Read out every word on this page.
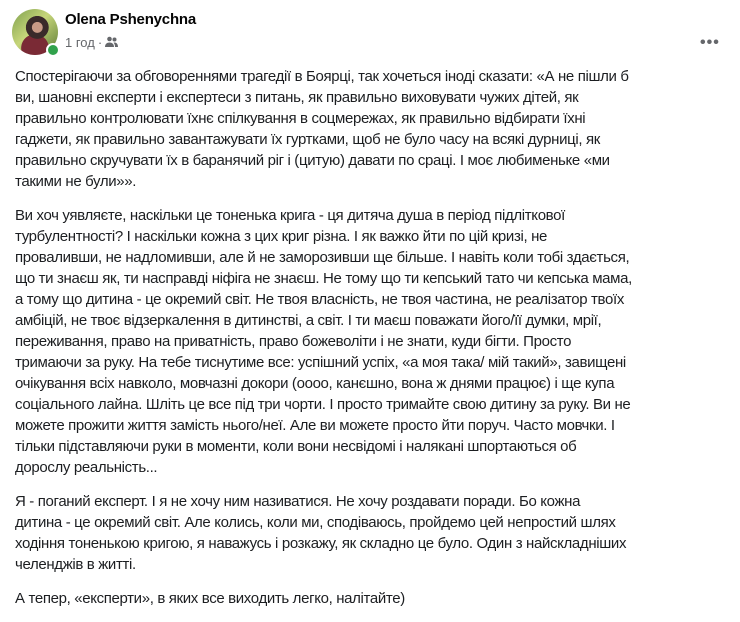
Olena Pshenychna
1 год ·	•••

Спостерігаючи за обговореннями трагедії в Боярці, так хочеться іноді сказати: «А не пішли б
ви, шановні експерти і експертеси з питань, як правильно виховувати чужих дітей, як
правильно контролювати їхнє спілкування в соцмережах, як правильно відбирати їхні
гаджети, як правильно завантажувати їх гуртками, щоб не було часу на всякі дурниці, як
правильно скручувати їх в баранячий ріг і (цитую) давати по сраці. І моє любименьке «ми
такими не були»».

Ви хоч уявляєте, наскільки це тоненька крига - ця дитяча душа в період підліткової
турбулентності? І наскільки кожна з цих криг різна. І як важко йти по цій кризі, не
проваливши, не надломивши, але й не заморозивши ще більше. І навіть коли тобі здається,
що ти знаєш як, ти насправді ніфіга не знаєш. Не тому що ти кепський тато чи кепська мама,
а тому що дитина - це окремий світ. Не твоя власність, не твоя частина, не реалізатор твоїх
амбіцій, не твоє відзеркалення в дитинстві, а світ. І ти маєш поважати його/її думки, мрії,
переживання, право на приватність, право божеволіти і не знати, куди бігти. Просто
тримаючи за руку. На тебе тиснутиме все: успішний успіх, «а моя така/ мій такий», завищені
очікування всіх навколо, мовчазні докори (оооо, канєшно, вона ж днями працює) і ще купа
соціального лайна. Шліть це все під три чорти. І просто тримайте свою дитину за руку. Ви не
можете прожити життя замість нього/неї. Але ви можете просто йти поруч. Часто мовчки. І
тільки підставляючи руки в моменти, коли вони несвідомі і налякані шпортаються об
дорослу реальність...

Я - поганий експерт. І я не хочу ним називатися. Не хочу роздавати поради. Бо кожна
дитина - це окремий світ. Але колись, коли ми, сподіваюсь, пройдемо цей непростий шлях
ходіння тоненькою кригою, я наважусь і розкажу, як складно це було. Один з найскладніших
челенджів в житті.

А тепер, «експерти», в яких все виходить легко, налітайте)
